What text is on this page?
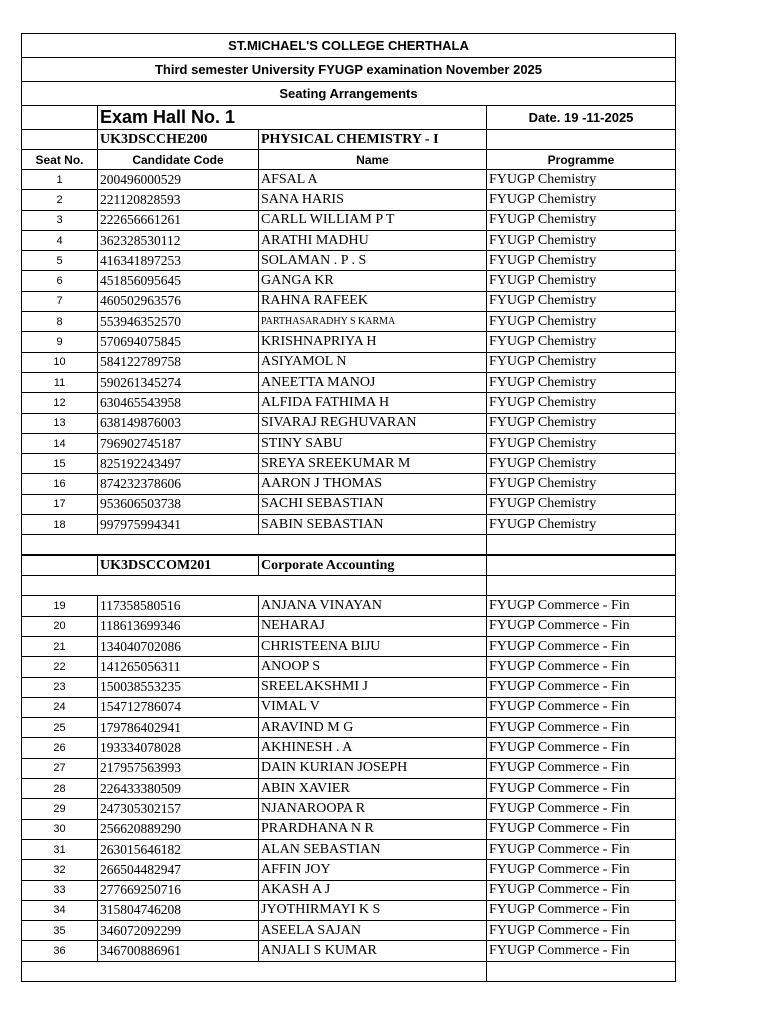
ST.MICHAEL'S COLLEGE CHERTHALA			
Third semester University FYUGP examination November 2025			
Seating Arrangements			
	Exam Hall No. 1		Date. 19 -11-2025
	UK3DSCCHE200	PHYSICAL CHEMISTRY - I	
Seat No.	Candidate Code	Name	Programme
1	200496000529	AFSAL A	FYUGP Chemistry
2	221120828593	SANA HARIS	FYUGP Chemistry
3	222656661261	CARLL WILLIAM P T	FYUGP Chemistry
4	362328530112	ARATHI MADHU	FYUGP Chemistry
5	416341897253	SOLAMAN . P . S	FYUGP Chemistry
6	451856095645	GANGA KR	FYUGP Chemistry
7	460502963576	RAHNA RAFEEK	FYUGP Chemistry
8	553946352570	PARTHASARADHY S KARMA	FYUGP Chemistry
9	570694075845	KRISHNAPRIYA H	FYUGP Chemistry
10	584122789758	ASIYAMOL N	FYUGP Chemistry
11	590261345274	ANEETTA MANOJ	FYUGP Chemistry
12	630465543958	ALFIDA FATHIMA H	FYUGP Chemistry
13	638149876003	SIVARAJ REGHUVARAN	FYUGP Chemistry
14	796902745187	STINY SABU	FYUGP Chemistry
15	825192243497	SREYA SREEKUMAR M	FYUGP Chemistry
16	874232378606	AARON J THOMAS	FYUGP Chemistry
17	953606503738	SACHI SEBASTIAN	FYUGP Chemistry
18	997975994341	SABIN SEBASTIAN	FYUGP Chemistry

	UK3DSCCOM201	Corporate Accounting	

19	117358580516	ANJANA VINAYAN	FYUGP Commerce - Fin
20	118613699346	NEHARAJ	FYUGP Commerce - Fin
21	134040702086	CHRISTEENA BIJU	FYUGP Commerce - Fin
22	141265056311	ANOOP S	FYUGP Commerce - Fin
23	150038553235	SREELAKSHMI J	FYUGP Commerce - Fin
24	154712786074	VIMAL V	FYUGP Commerce - Fin
25	179786402941	ARAVIND M G	FYUGP Commerce - Fin
26	193334078028	AKHINESH . A	FYUGP Commerce - Fin
27	217957563993	DAIN KURIAN JOSEPH	FYUGP Commerce - Fin
28	226433380509	ABIN XAVIER	FYUGP Commerce - Fin
29	247305302157	NJANAROOPA R	FYUGP Commerce - Fin
30	256620889290	PRARDHANA N R	FYUGP Commerce - Fin
31	263015646182	ALAN SEBASTIAN	FYUGP Commerce - Fin
32	266504482947	AFFIN JOY	FYUGP Commerce - Fin
33	277669250716	AKASH A J	FYUGP Commerce - Fin
34	315804746208	JYOTHIRMAYI K S	FYUGP Commerce - Fin
35	346072092299	ASEELA SAJAN	FYUGP Commerce - Fin
36	346700886961	ANJALI S KUMAR	FYUGP Commerce - Fin
